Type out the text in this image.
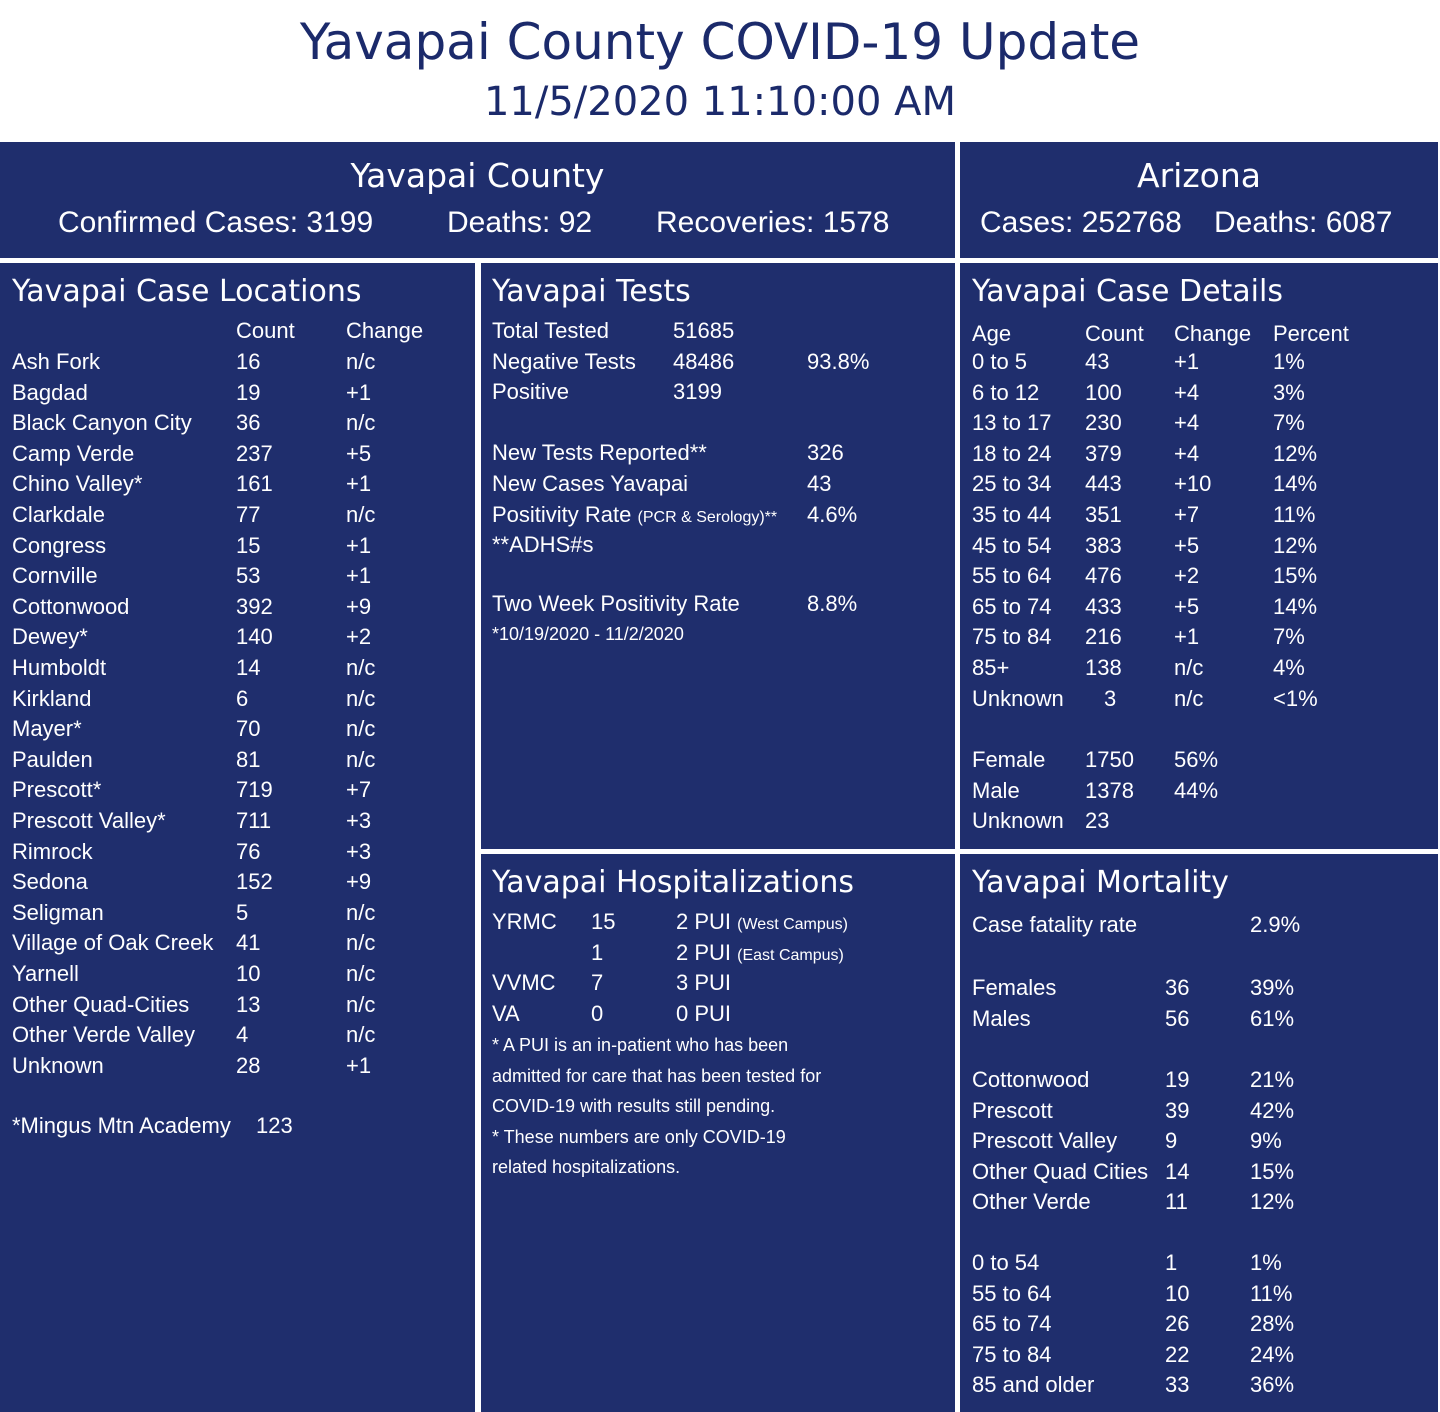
Yavapai County COVID-19 Update
11/5/2020 11:10:00 AM
Yavapai County
Confirmed Cases: 3199 Deaths: 92 Recoveries: 1578
Arizona
Cases: 252768 Deaths: 6087
Yavapai Case Locations
Count Change
Ash Fork	16	n/c
Bagdad	19	+1
Black Canyon City 36	n/c
Camp Verde	237	+5
Chino Valley*	161	+1
Clarkdale	77	n/c
Congress	15	+1
Cornville	53	+1
Cottonwood	392	+9
Dewey*	140	+2
Humboldt	14	n/c
Kirkland	6	n/c
Mayer*	70	n/c
Paulden	81	n/c
Prescott*	719	+7
Prescott Valley*	711	+3
Rimrock	76	+3
Sedona	152	+9
Seligman	5	n/c
Village of Oak Creek 41	n/c
Yarnell	10	n/c
Other Quad-Cities 13	n/c
Other Verde Valley 4	n/c
Unknown	28	+1
*Mingus Mtn Academy 123
Yavapai Tests
Total Tested	51685
Negative Tests 48486	93.8%
Positive	3199
New Tests Reported**	326
New Cases Yavapai	43
Positivity Rate (PCR & Serology)** 4.6%
**ADHS#s
Two Week Positivity Rate	8.8%
*10/19/2020 - 11/2/2020
Yavapai Case Details
Age	Count Change Percent
0 to 5	43	+1	1%
6 to 12 100 +4	3%
13 to 17 230 +4	7%
18 to 24 379 +4	12%
25 to 34 443 +10	14%
35 to 44 351 +7	11%
45 to 54 383 +5	12%
55 to 64 476 +2	15%
65 to 74 433 +5	14%
75 to 84 216 +1	7%
85+	138 n/c	4%
Unknown 3	n/c	<1%
Female 1750 56%
Male	1378 44%
Unknown 23
Yavapai Hospitalizations
YRMC 15	2 PUI (West Campus)
1	2 PUI (East Campus)
VVMC 7	3 PUI
VA	0	0 PUI
* A PUI is an in-patient who has been
admitted for care that has been tested for
COVID-19 with results still pending.
* These numbers are only COVID-19
related hospitalizations.
Yavapai Mortality
Case fatality rate	2.9%
Females	36	39%
Males	56	61%
Cottonwood	19	21%
Prescott	39	42%
Prescott Valley 9	9%
Other Quad Cities 14	15%
Other Verde	11	12%
0 to 54	1	1%
55 to 64	10	11%
65 to 74	26	28%
75 to 84	22	24%
85 and older	33	36%
